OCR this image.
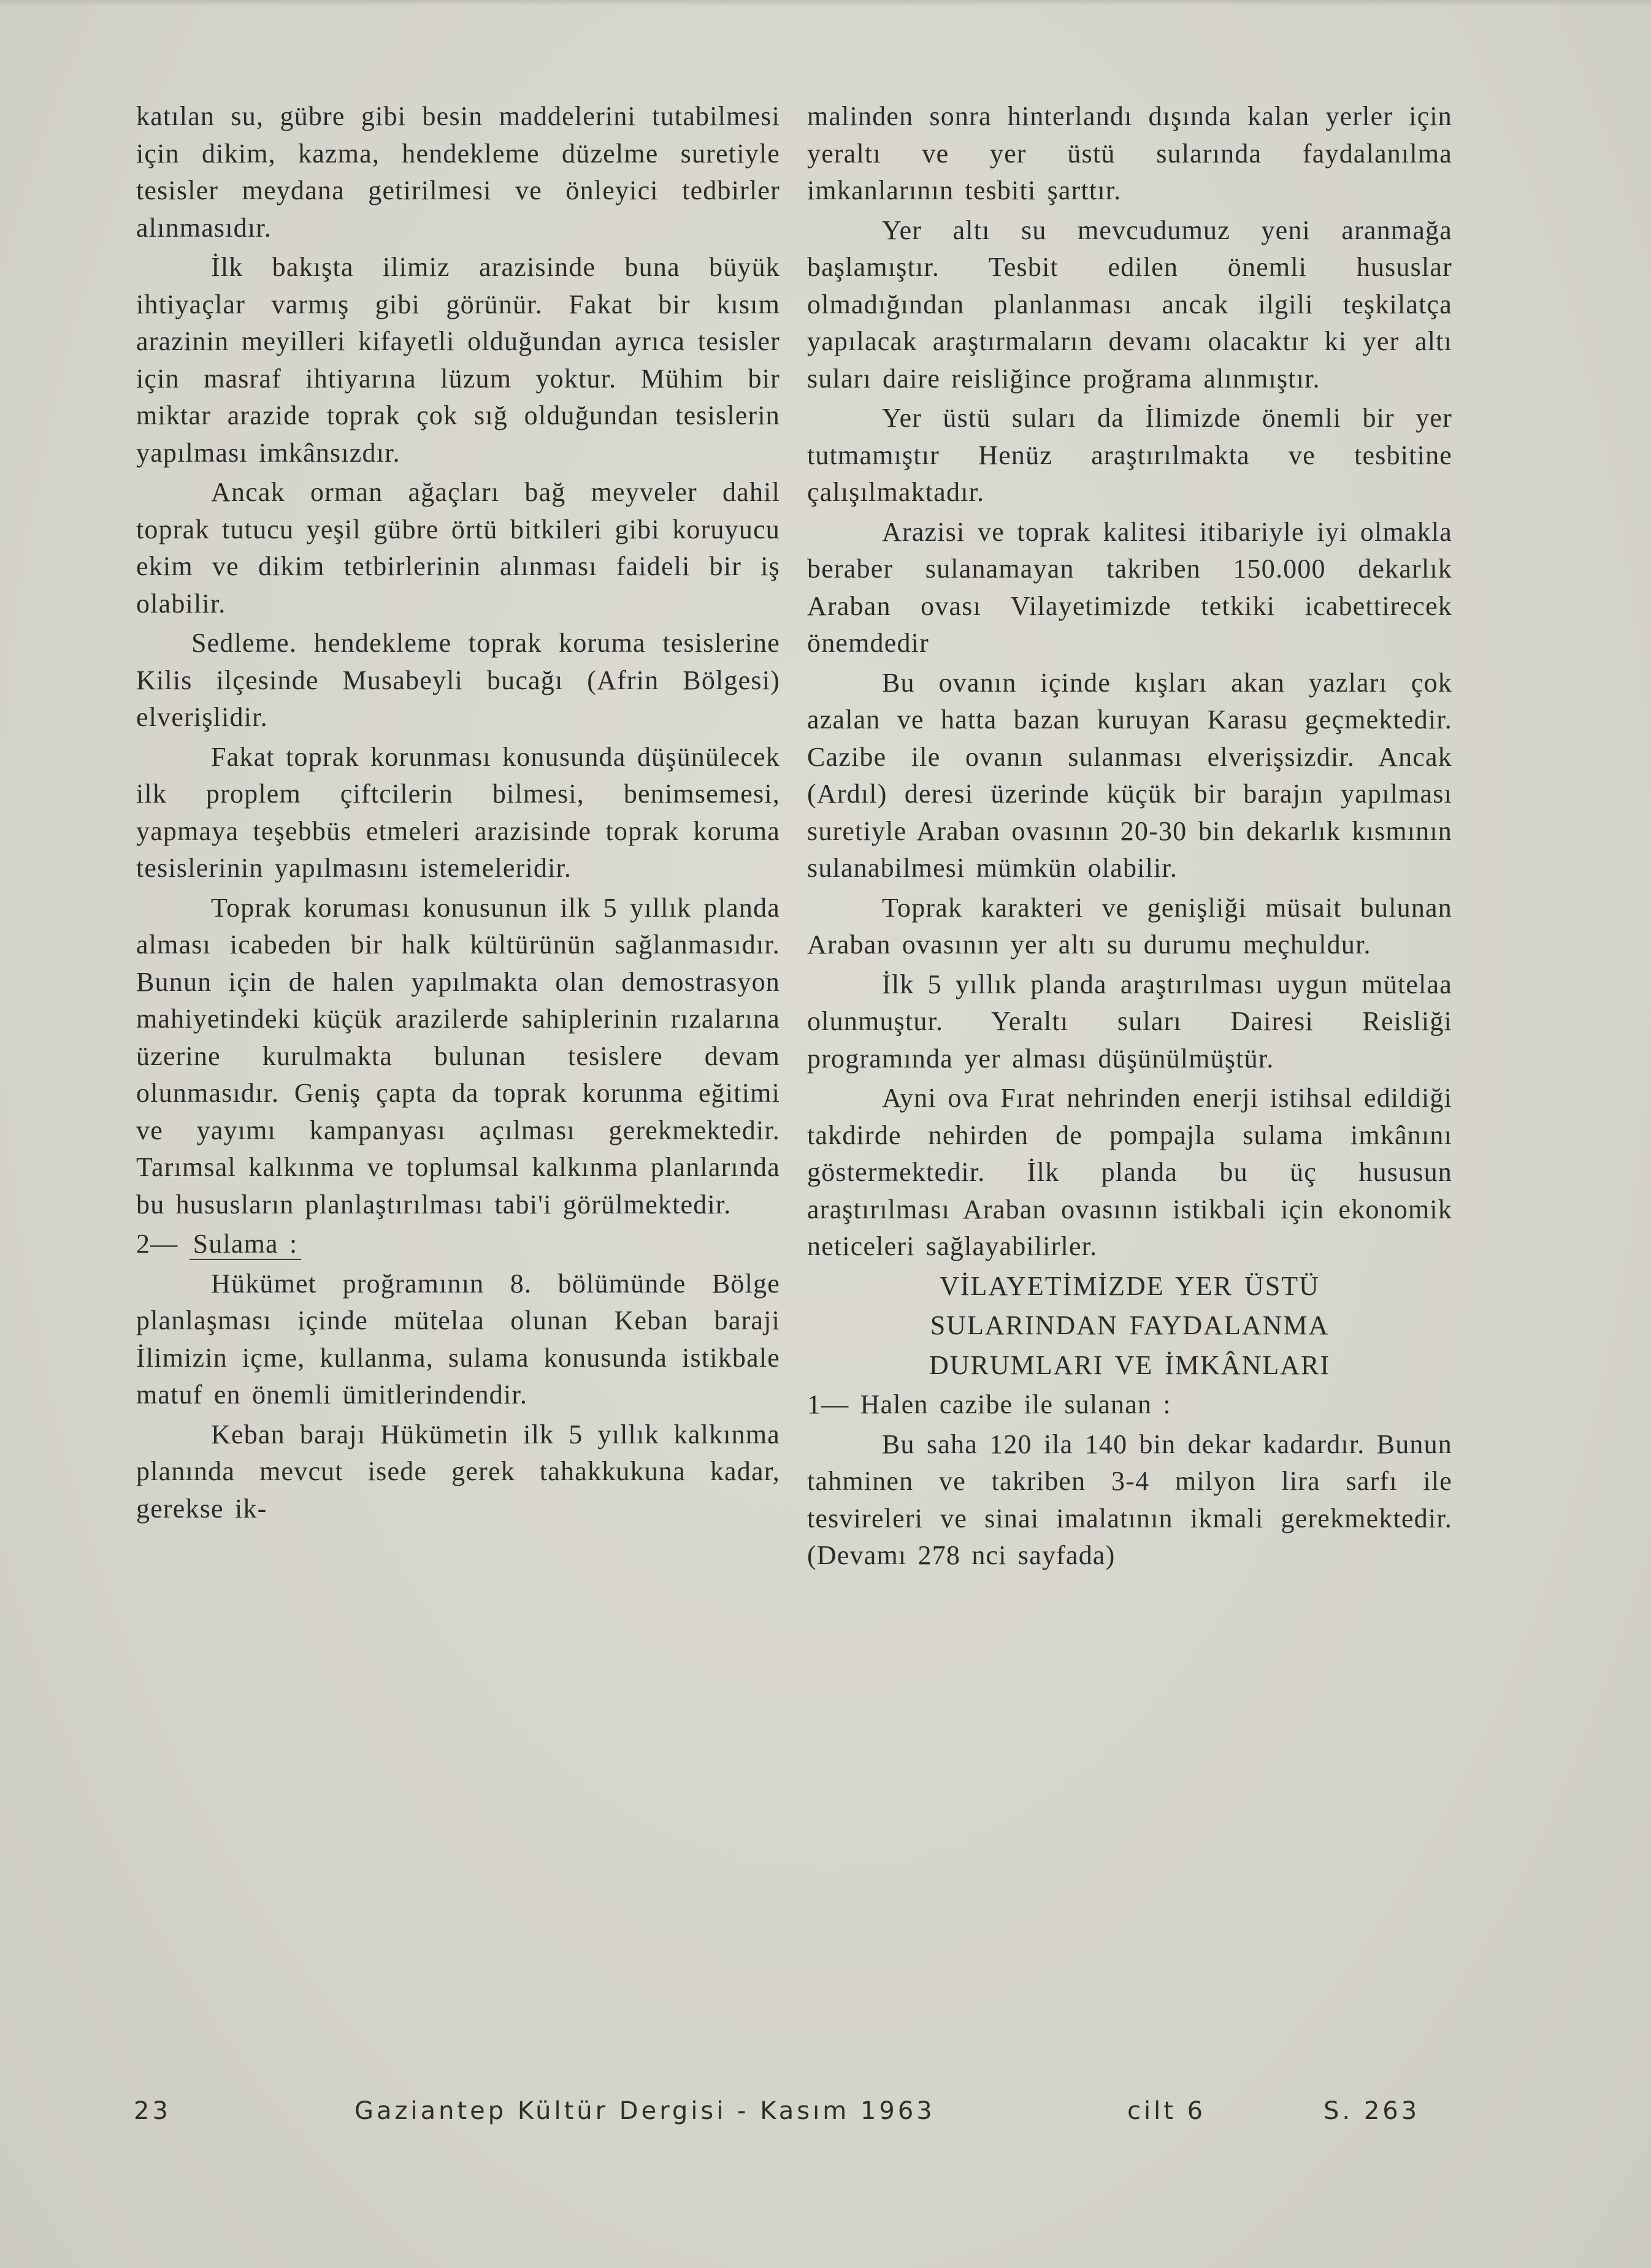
katılan su, gübre gibi besin maddelerini tutabilmesi için dikim, kazma, hendekleme düzelme suretiyle tesisler meydana getirilmesi ve önleyici tedbirler alınmasıdır.

İlk bakışta ilimiz arazisinde buna büyük ihtiyaçlar varmış gibi görünür. Fakat bir kısım arazinin meyilleri kifayetli olduğundan ayrıca tesisler için masraf ihtiyarına lüzum yoktur. Mühim bir miktar arazide toprak çok sığ olduğundan tesislerin yapılması imkânsızdır.

Ancak orman ağaçları bağ meyveler dahil toprak tutucu yeşil gübre örtü bitkileri gibi koruyucu ekim ve dikim tetbirlerinin alınması faideli bir iş olabilir.

Sedleme. hendekleme toprak koruma tesislerine Kilis ilçesinde Musabeyli bucağı (Afrin Bölgesi) elverişlidir.

Fakat toprak korunması konusunda düşünülecek ilk proplem çiftcilerin bilmesi, benimsemesi, yapmaya teşebbüs etmeleri arazisinde toprak koruma tesislerinin yapılmasını istemeleridir.

Toprak koruması konusunun ilk 5 yıllık planda alması icabeden bir halk kültürünün sağlanmasıdır. Bunun için de halen yapılmakta olan demostrasyon mahiyetindeki küçük arazilerde sahiplerinin rızalarına üzerine kurulmakta bulunan tesislere devam olunmasıdır. Geniş çapta da toprak korunma eğitimi ve yayımı kampanyası açılması gerekmektedir. Tarımsal kalkınma ve toplumsal kalkınma planlarında bu hususların planlaştırılması tabi'i görülmektedir.

2— Sulama :

Hükümet proğramının 8. bölümünde Bölge planlaşması içinde mütelaa olunan Keban baraji İlimizin içme, kullanma, sulama konusunda istikbale matuf en önemli ümitlerindendir.

Keban barajı Hükümetin ilk 5 yıllık kalkınma planında mevcut isede gerek tahakkukuna kadar, gerekse ik-

malinden sonra hinterlandı dışında kalan yerler için yeraltı ve yer üstü sularında faydalanılma imkanlarının tesbiti şarttır.

Yer altı su mevcudumuz yeni aranmağa başlamıştır. Tesbit edilen önemli hususlar olmadığından planlanması ancak ilgili teşkilatça yapılacak araştırmaların devamı olacaktır ki yer altı suları daire reisliğince proğrama alınmıştır.

Yer üstü suları da İlimizde önemli bir yer tutmamıştır Henüz araştırılmakta ve tesbitine çalışılmaktadır.

Arazisi ve toprak kalitesi itibariyle iyi olmakla beraber sulanamayan takriben 150.000 dekarlık Araban ovası Vilayetimizde tetkiki icabettirecek önemdedir

Bu ovanın içinde kışları akan yazları çok azalan ve hatta bazan kuruyan Karasu geçmektedir. Cazibe ile ovanın sulanması elverişsizdir. Ancak (Ardıl) deresi üzerinde küçük bir barajın yapılması suretiyle Araban ovasının 20-30 bin dekarlık kısmının sulanabilmesi mümkün olabilir.

Toprak karakteri ve genişliği müsait bulunan Araban ovasının yer altı su durumu meçhuldur.

İlk 5 yıllık planda araştırılması uygun mütelaa olunmuştur. Yeraltı suları Dairesi Reisliği programında yer alması düşünülmüştür.

Ayni ova Fırat nehrinden enerji istihsal edildiği takdirde nehirden de pompajla sulama imkânını göstermektedir. İlk planda bu üç hususun araştırılması Araban ovasının istikbali için ekonomik neticeleri sağlayabilirler.

VİLAYETİMİZDE YER ÜSTÜ

SULARINDAN FAYDALANMA

DURUMLARI VE İMKÂNLARI

1— Halen cazibe ile sulanan :

Bu saha 120 ila 140 bin dekar kadardır. Bunun tahminen ve takriben 3-4 milyon lira sarfı ile tesvireleri ve sinai imalatının ikmali gerekmektedir. (Devamı 278 nci sayfada)

23	Gaziantep Kültür Dergisi - Kasım 1963	cilt 6	S. 263
